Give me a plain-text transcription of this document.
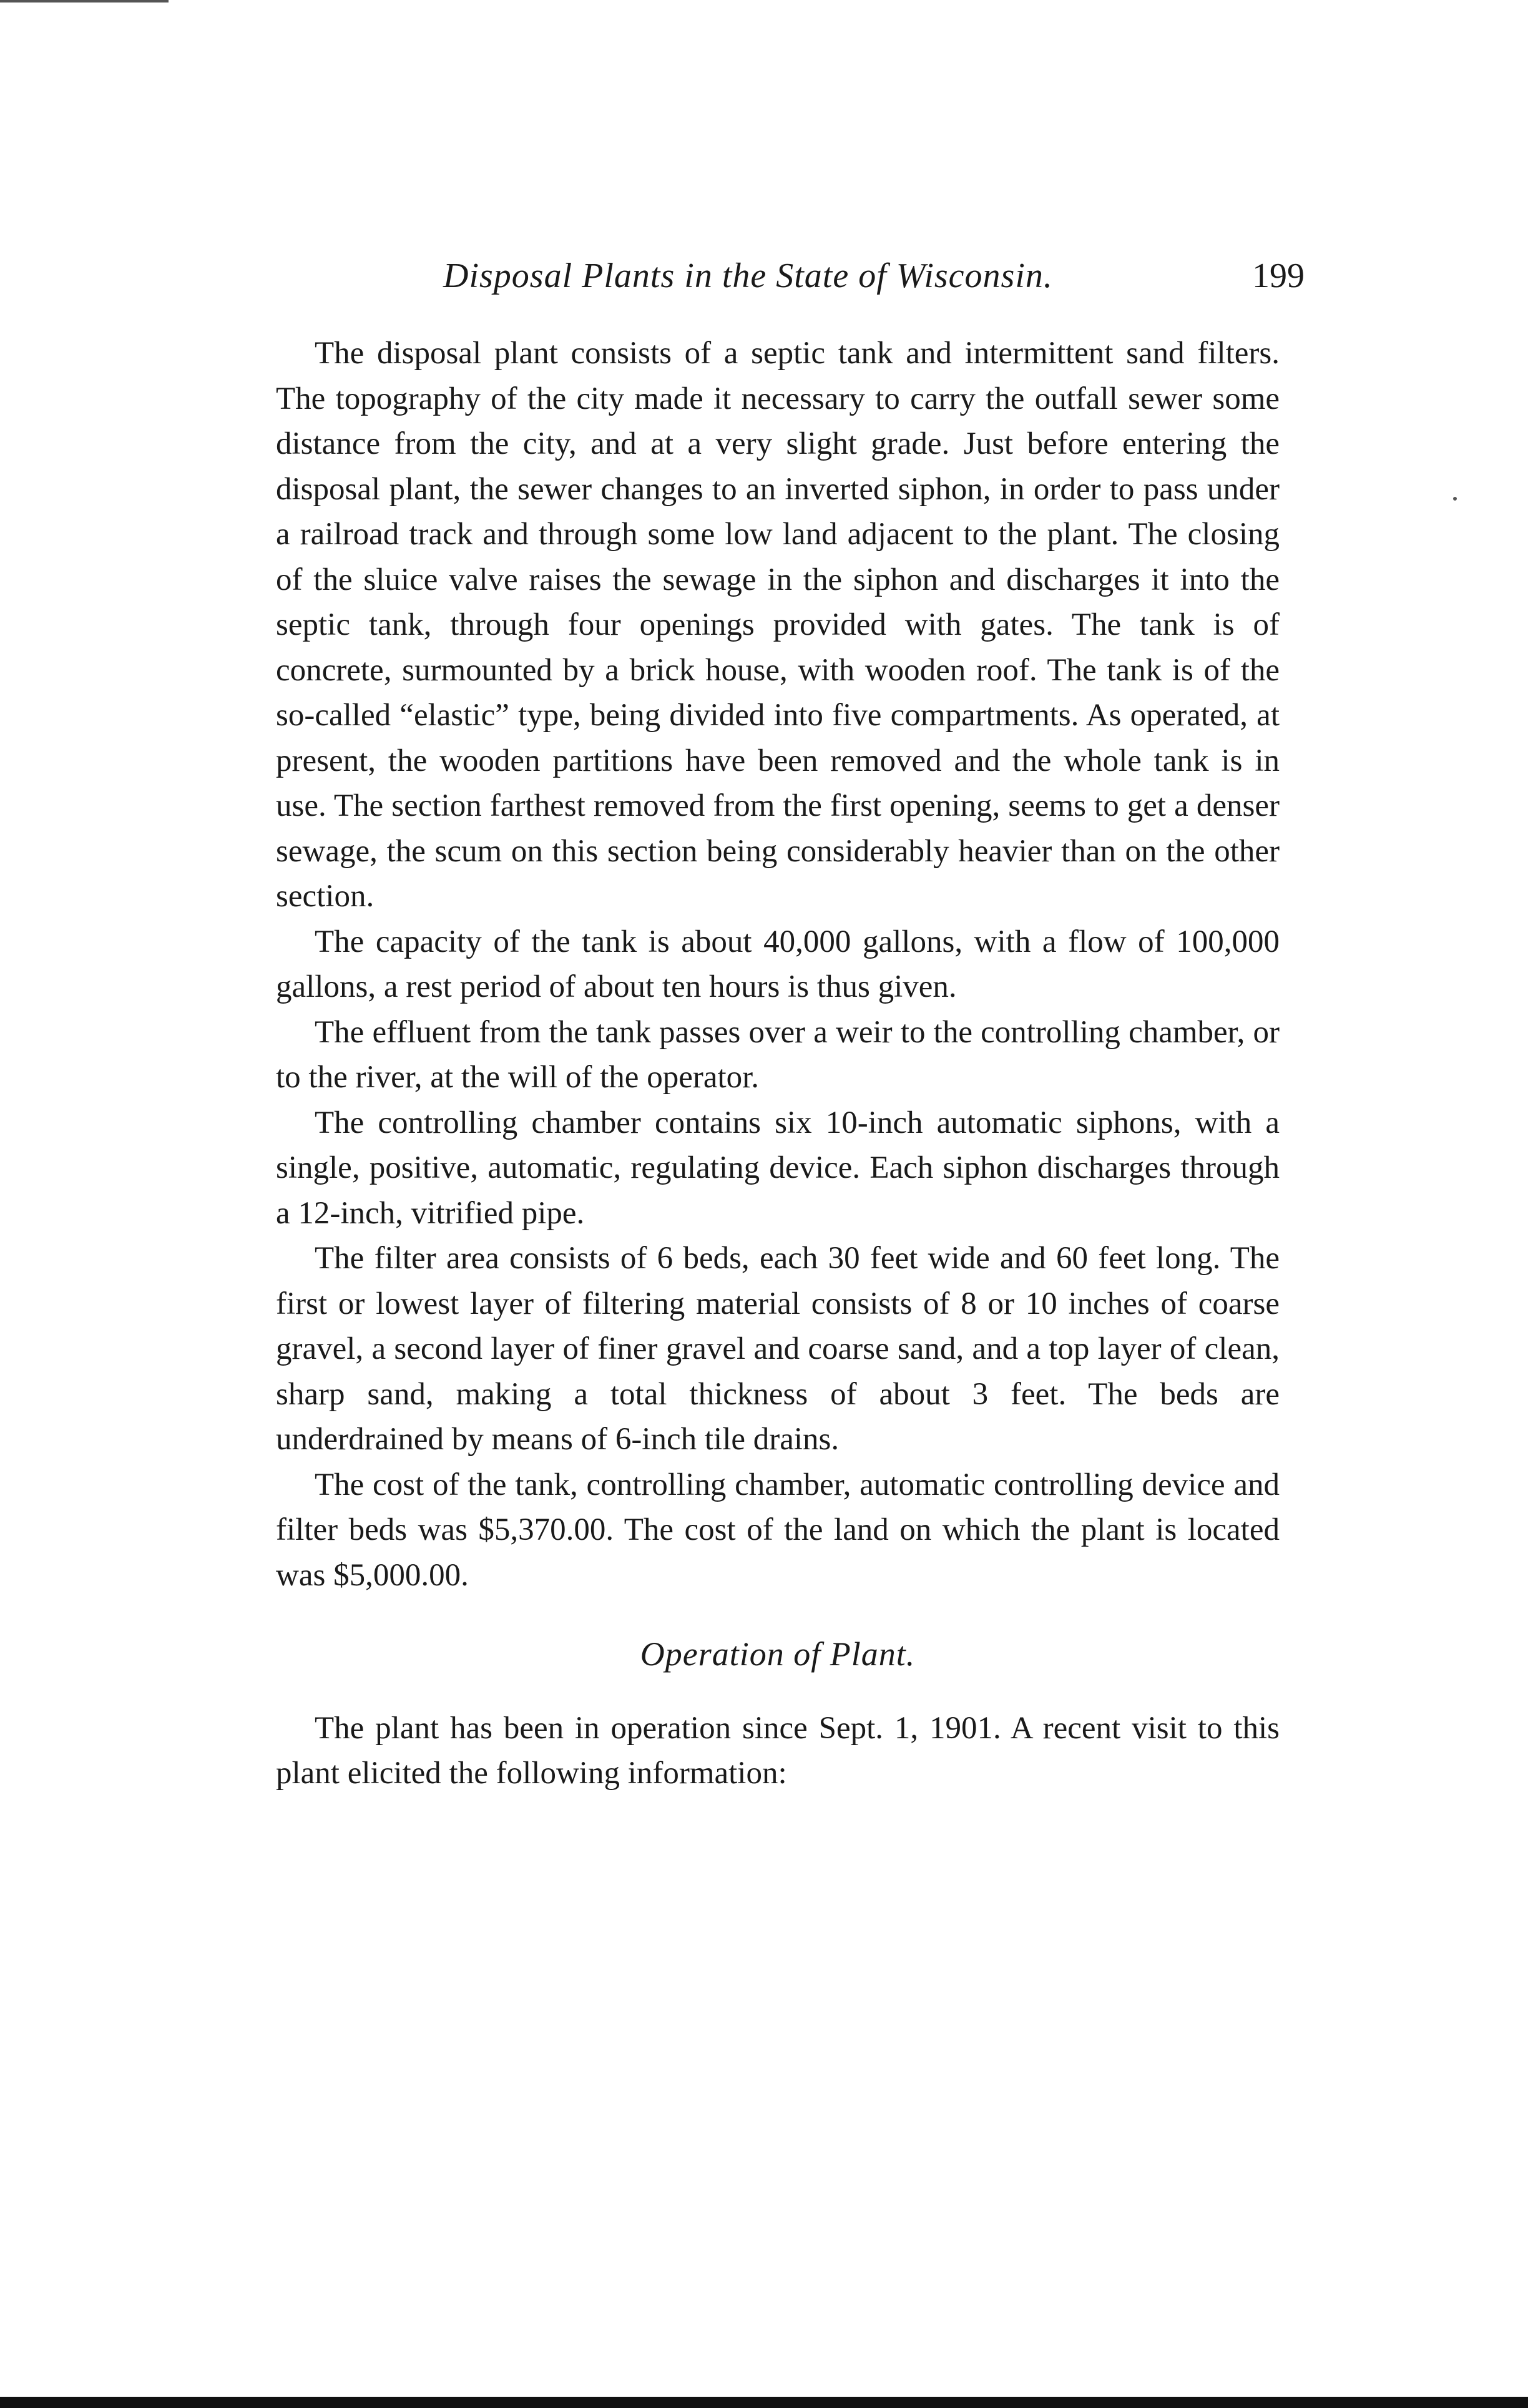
Disposal Plants in the State of Wisconsin.	199

The disposal plant consists of a septic tank and intermittent sand filters. The topography of the city made it necessary to carry the outfall sewer some distance from the city, and at a very slight grade. Just before entering the disposal plant, the sewer changes to an inverted siphon, in order to pass under a railroad track and through some low land adjacent to the plant. The closing of the sluice valve raises the sewage in the siphon and discharges it into the septic tank, through four openings provided with gates. The tank is of concrete, surmounted by a brick house, with wooden roof. The tank is of the so-called “elastic” type, being divided into five compartments. As operated, at present, the wooden partitions have been removed and the whole tank is in use. The section farthest removed from the first opening, seems to get a denser sewage, the scum on this section being considerably heavier than on the other section.

The capacity of the tank is about 40,000 gallons, with a flow of 100,000 gallons, a rest period of about ten hours is thus given.

The effluent from the tank passes over a weir to the controlling chamber, or to the river, at the will of the operator.

The controlling chamber contains six 10-inch automatic siphons, with a single, positive, automatic, regulating device. Each siphon discharges through a 12-inch, vitrified pipe.

The filter area consists of 6 beds, each 30 feet wide and 60 feet long. The first or lowest layer of filtering material consists of 8 or 10 inches of coarse gravel, a second layer of finer gravel and coarse sand, and a top layer of clean, sharp sand, making a total thickness of about 3 feet. The beds are underdrained by means of 6-inch tile drains.

The cost of the tank, controlling chamber, automatic controlling device and filter beds was $5,370.00. The cost of the land on which the plant is located was $5,000.00.

Operation of Plant.

The plant has been in operation since Sept. 1, 1901. A recent visit to this plant elicited the following information:
